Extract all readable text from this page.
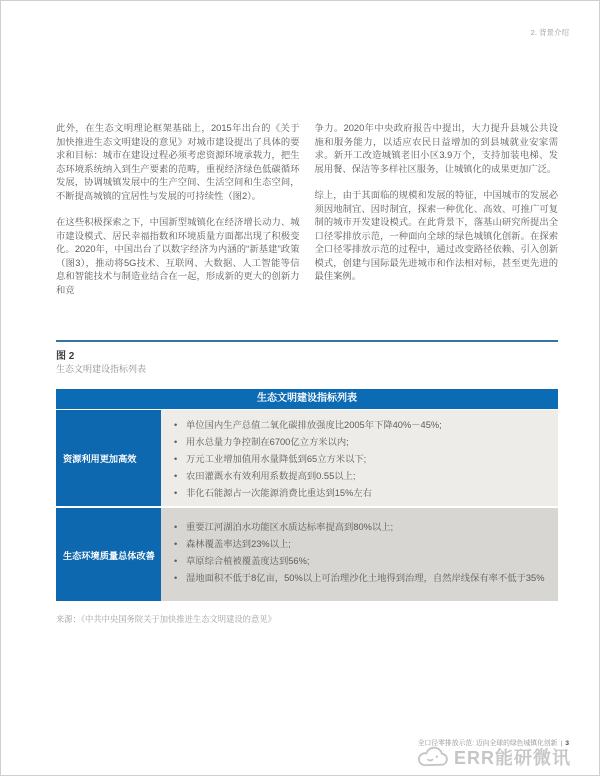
2. 背景介绍

此外，在生态文明理论框架基础上，2015年出台的《关于加快推进生态文明建设的意见》对城市建设提出了具体的要求和目标：城市在建设过程必须考虑资源环境承载力，把生态环境系统纳入到生产要素的范畴，重视经济绿色低碳循环发展，协调城镇发展中的生产空间、生活空间和生态空间，不断提高城镇的宜居性与发展的可持续性（图2）。

在这些积极探索之下，中国新型城镇化在经济增长动力、城市建设模式、居民幸福指数和环境质量方面都出现了积极变化。2020年，中国出台了以数字经济为内涵的“新基建”政策（图3），推动将5G技术、互联网、大数据、人工智能等信息和智能技术与制造业结合在一起，形成新的更大的创新力和竞

争力。2020年中央政府报告中提出，大力提升县城公共设施和服务能力，以适应农民日益增加的到县城就业安家需求。新开工改造城镇老旧小区3.9万个，支持加装电梯、发展用餐、保洁等多样社区服务，让城镇化的成果更加广泛。

综上，由于其面临的规模和发展的特征，中国城市的发展必须因地制宜、因时制宜，探索一种优化、高效、可推广可复制的城市开发建设模式。在此背景下，落基山研究所提出全口径零排放示范，一种面向全球的绿色城镇化创新。在探索全口径零排放示范的过程中，通过改变路径依赖、引入创新模式，创建与国际最先进城市和作法相对标，甚至更先进的最佳案例。

图 2
生态文明建设指标列表
生态文明建设指标列表
资源利用更加高效
• 单位国内生产总值二氧化碳排放强度比2005年下降40%－45%;
• 用水总量力争控制在6700亿立方米以内;
• 万元工业增加值用水量降低到65立方米以下;
• 农田灌溉水有效利用系数提高到0.55以上;
• 非化石能源占一次能源消费比重达到15%左右
生态环境质量总体改善
• 重要江河湖泊水功能区水质达标率提高到80%以上;
• 森林覆盖率达到23%以上;
• 草原综合植被覆盖度达到56%;
• 湿地面积不低于8亿亩，50%以上可治理沙化土地得到治理，自然岸线保有率不低于35%
来源：《中共中央国务院关于加快推进生态文明建设的意见》
全口径零排放示范: 迈向全球的绿色城镇化创新 | 3
ERR能研微讯
